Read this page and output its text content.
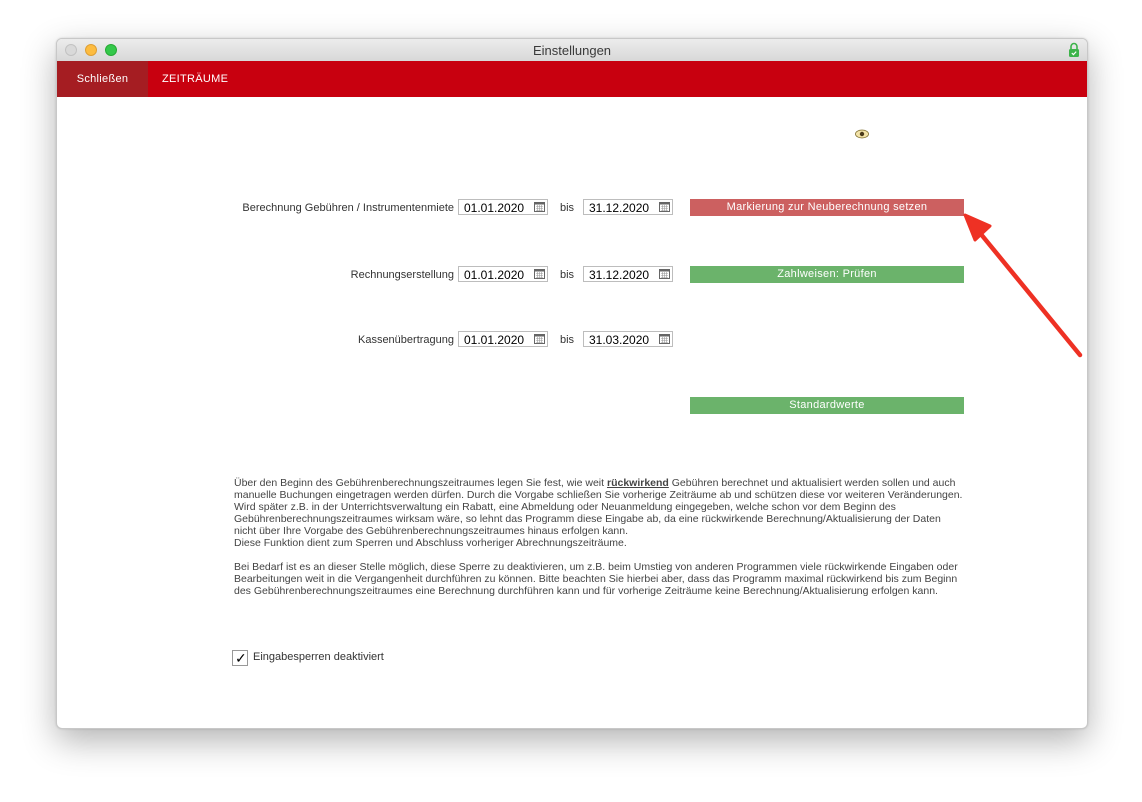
Einstellungen
Schließen	ZEITRÄUME
Berechnung Gebühren / Instrumentenmiete 01.01.2020	bis 31.12.2020	Markierung zur Neuberechnung setzen
Rechnungserstellung 01.01.2020	bis 31.12.2020	Zahlweisen: Prüfen
Kassenübertragung 01.01.2020	bis 31.03.2020
Standardwerte

Über den Beginn des Gebührenberechnungszeitraumes legen Sie fest, wie weit rückwirkend Gebühren berechnet und aktualisiert werden sollen und auch manuelle Buchungen eingetragen werden dürfen. Durch die Vorgabe schließen Sie vorherige Zeiträume ab und schützen diese vor weiteren Veränderungen.
Wird später z.B. in der Unterrichtsverwaltung ein Rabatt, eine Abmeldung oder Neuanmeldung eingegeben, welche schon vor dem Beginn des Gebührenberechnungszeitraumes wirksam wäre, so lehnt das Programm diese Eingabe ab, da eine rückwirkende Berechnung/Aktualisierung der Daten nicht über Ihre Vorgabe des Gebührenberechnungszeitraumes hinaus erfolgen kann.
Diese Funktion dient zum Sperren und Abschluss vorheriger Abrechnungszeiträume.

Bei Bedarf ist es an dieser Stelle möglich, diese Sperre zu deaktivieren, um z.B. beim Umstieg von anderen Programmen viele rückwirkende Eingaben oder Bearbeitungen weit in die Vergangenheit durchführen zu können. Bitte beachten Sie hierbei aber, dass das Programm maximal rückwirkend bis zum Beginn des Gebührenberechnungszeitraumes eine Berechnung durchführen kann und für vorherige Zeiträume keine Berechnung/Aktualisierung erfolgen kann.

✓ Eingabesperren deaktiviert
